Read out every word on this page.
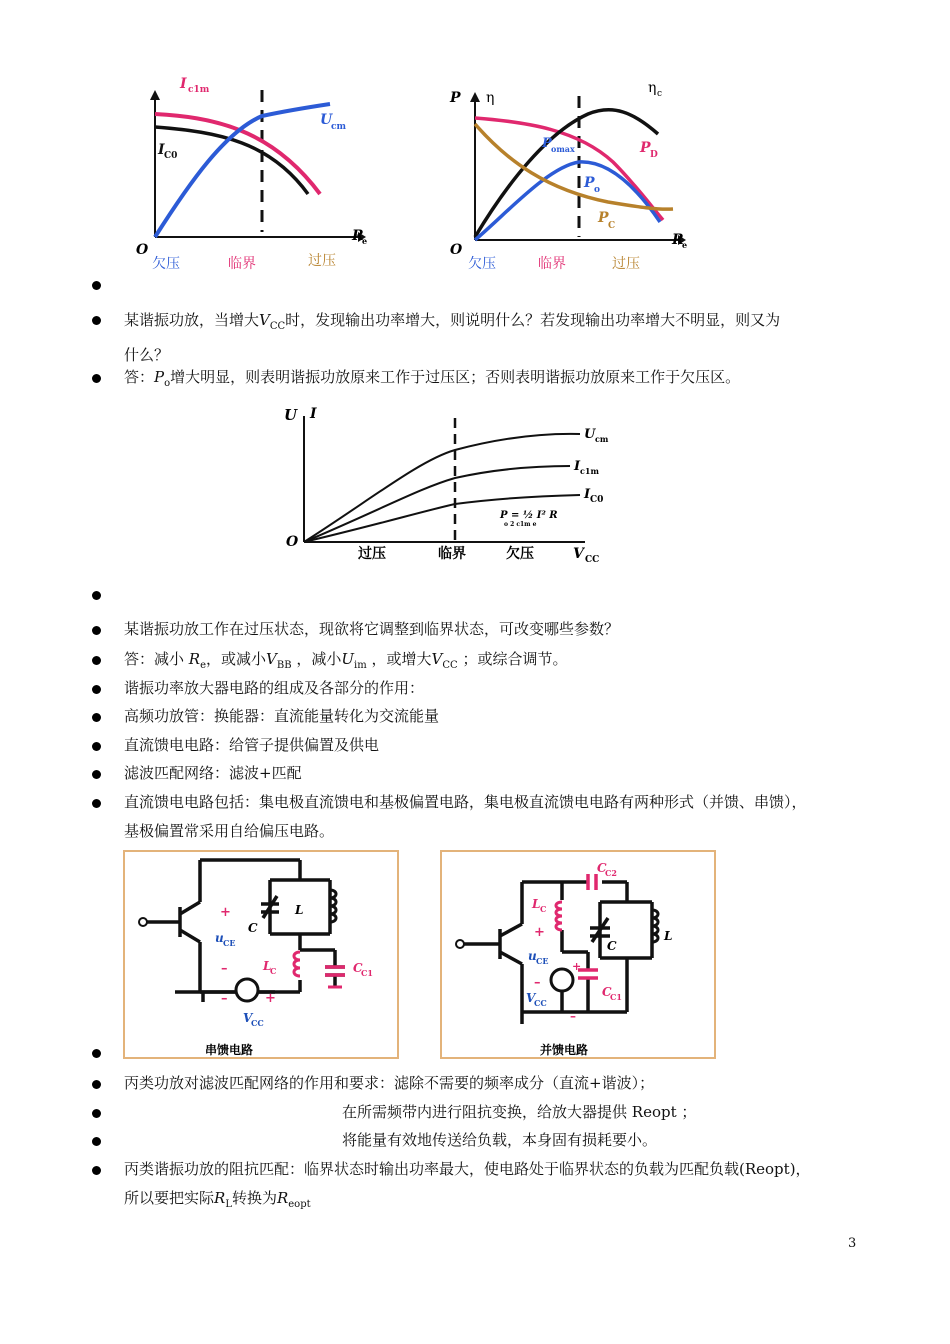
I c1m
U
cm
I C0
O
R
e
欠压	临界	过压
P η
η c
P omax	P D
P o
P C
O
R
e
欠压	临界	过压
某谐振功放，当增大$V_{CC}$时，发现输出功率增大，则说明什么？若发现输出功率增大不明显，则又为
什么？
答：$P_o$增大明显，则表明谐振功放原来工作于过压区；否则表明谐振功放原来工作于欠压区。
U I
U cm
I c1m
I C0
P = ½ I² R
o 2 c1m e
O
过压	临界	欠压	V CC
某谐振功放工作在过压状态，现欲将它调整到临界状态，可改变哪些参数？
答：减小 $R_e$，或减小$V_{BB}$ ，减小$U_{im}$ ，或增大$V_{CC}$ ；或综合调节。
谐振功率放大器电路的组成及各部分的作用：
高频功放管：换能器：直流能量转化为交流能量
直流馈电电路：给管子提供偏置及供电
滤波匹配网络：滤波+匹配
直流馈电电路包括：集电极直流馈电和基极偏置电路，集电极直流馈电电路有两种形式（并馈、串馈），
基极偏置常采用自给偏压电路。
+
u CE
–
C
L
L
C	C
C1
–	+
V
CC
串馈电路
C
C2
L C
+
u CE
–
+
C
L
C
C1
V
CC
–
并馈电路
丙类功放对滤波匹配网络的作用和要求：滤除不需要的频率成分（直流+谐波）；
在所需频带内进行阻抗变换，给放大器提供 Reopt ；
将能量有效地传送给负载，本身固有损耗要小。
丙类谐振功放的阻抗匹配：临界状态时输出功率最大，使电路处于临界状态的负载为匹配负载(Reopt)，
所以要把实际$R_L$转换为$R_{eopt}$
3
